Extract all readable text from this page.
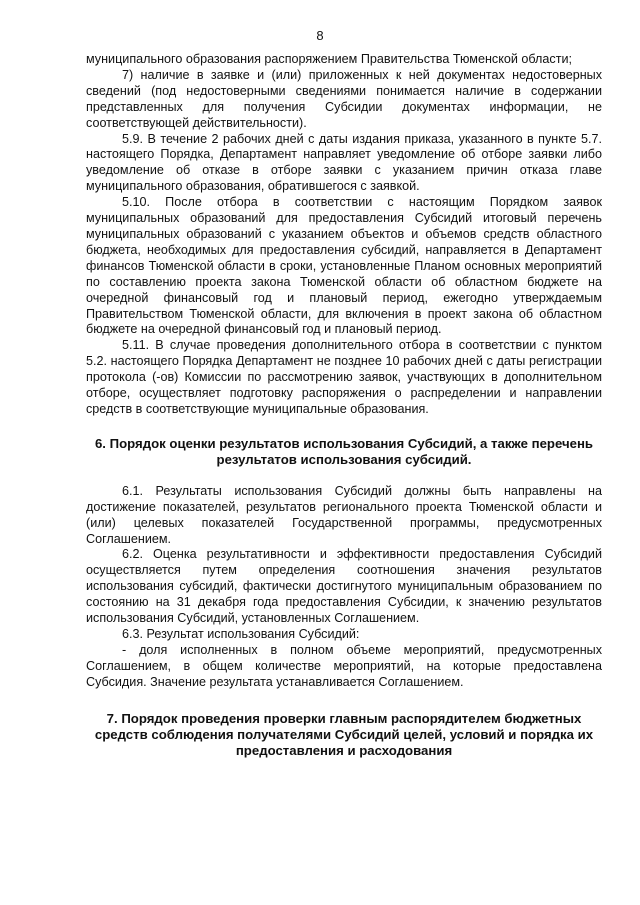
8

муниципального образования распоряжением Правительства Тюменской области;

7) наличие в заявке и (или) приложенных к ней документах недостоверных сведений (под недостоверными сведениями понимается наличие в содержании представленных для получения Субсидии документах информации, не соответствующей действительности).

5.9. В течение 2 рабочих дней с даты издания приказа, указанного в пункте 5.7. настоящего Порядка, Департамент направляет уведомление об отборе заявки либо уведомление об отказе в отборе заявки с указанием причин отказа главе муниципального образования, обратившегося с заявкой.

5.10. После отбора в соответствии с настоящим Порядком заявок муниципальных образований для предоставления Субсидий итоговый перечень муниципальных образований с указанием объектов и объемов средств областного бюджета, необходимых для предоставления субсидий, направляется в Департамент финансов Тюменской области в сроки, установленные Планом основных мероприятий по составлению проекта закона Тюменской области об областном бюджете на очередной финансовый год и плановый период, ежегодно утверждаемым Правительством Тюменской области, для включения в проект закона об областном бюджете на очередной финансовый год и плановый период.

5.11. В случае проведения дополнительного отбора в соответствии с пунктом 5.2. настоящего Порядка Департамент не позднее 10 рабочих дней с даты регистрации протокола (-ов) Комиссии по рассмотрению заявок, участвующих в дополнительном отборе, осуществляет подготовку распоряжения о распределении и направлении средств в соответствующие муниципальные образования.

6. Порядок оценки результатов использования Субсидий, а также перечень результатов использования субсидий.

6.1. Результаты использования Субсидий должны быть направлены на достижение показателей, результатов регионального проекта Тюменской области и (или) целевых показателей Государственной программы, предусмотренных Соглашением.

6.2. Оценка результативности и эффективности предоставления Субсидий осуществляется путем определения соотношения значения результатов использования субсидий, фактически достигнутого муниципальным образованием по состоянию на 31 декабря года предоставления Субсидии, к значению результатов использования Субсидий, установленных Соглашением.

6.3. Результат использования Субсидий:

- доля исполненных в полном объеме мероприятий, предусмотренных Соглашением, в общем количестве мероприятий, на которые предоставлена Субсидия. Значение результата устанавливается Соглашением.

7. Порядок проведения проверки главным распорядителем бюджетных средств соблюдения получателями Субсидий целей, условий и порядка их предоставления и расходования
